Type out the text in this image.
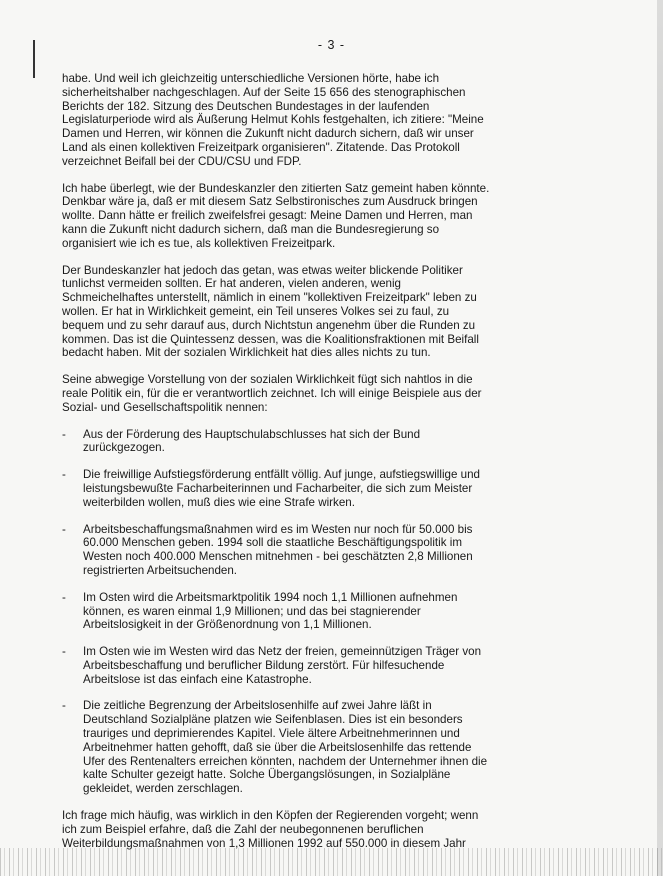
- 3 -

habe. Und weil ich gleichzeitig unterschiedliche Versionen hörte, habe ich sicherheitshalber nachgeschlagen. Auf der Seite 15 656 des stenographischen Berichts der 182. Sitzung des Deutschen Bundestages in der laufenden Legislaturperiode wird als Äußerung Helmut Kohls festgehalten, ich zitiere: "Meine Damen und Herren, wir können die Zukunft nicht dadurch sichern, daß wir unser Land als einen kollektiven Freizeitpark organisieren". Zitatende. Das Protokoll verzeichnet Beifall bei der CDU/CSU und FDP.

Ich habe überlegt, wie der Bundeskanzler den zitierten Satz gemeint haben könnte. Denkbar wäre ja, daß er mit diesem Satz Selbstironisches zum Ausdruck bringen wollte. Dann hätte er freilich zweifelsfrei gesagt: Meine Damen und Herren, man kann die Zukunft nicht dadurch sichern, daß man die Bundesregierung so organisiert wie ich es tue, als kollektiven Freizeitpark.

Der Bundeskanzler hat jedoch das getan, was etwas weiter blickende Politiker tunlichst vermeiden sollten. Er hat anderen, vielen anderen, wenig Schmeichelhaftes unterstellt, nämlich in einem "kollektiven Freizeitpark" leben zu wollen. Er hat in Wirklichkeit gemeint, ein Teil unseres Volkes sei zu faul, zu bequem und zu sehr darauf aus, durch Nichtstun angenehm über die Runden zu kommen. Das ist die Quintessenz dessen, was die Koalitionsfraktionen mit Beifall bedacht haben. Mit der sozialen Wirklichkeit hat dies alles nichts zu tun.

Seine abwegige Vorstellung von der sozialen Wirklichkeit fügt sich nahtlos in die reale Politik ein, für die er verantwortlich zeichnet. Ich will einige Beispiele aus der Sozial- und Gesellschaftspolitik nennen:

- Aus der Förderung des Hauptschulabschlusses hat sich der Bund zurückgezogen.
- Die freiwillige Aufstiegsförderung entfällt völlig. Auf junge, aufstiegswillige und leistungsbewußte Facharbeiterinnen und Facharbeiter, die sich zum Meister weiterbilden wollen, muß dies wie eine Strafe wirken.
- Arbeitsbeschaffungsmaßnahmen wird es im Westen nur noch für 50.000 bis 60.000 Menschen geben. 1994 soll die staatliche Beschäftigungspolitik im Westen noch 400.000 Menschen mitnehmen - bei geschätzten 2,8 Millionen registrierten Arbeitsuchenden.
- Im Osten wird die Arbeitsmarktpolitik 1994 noch 1,1 Millionen aufnehmen können, es waren einmal 1,9 Millionen; und das bei stagnierender Arbeitslosigkeit in der Größenordnung von 1,1 Millionen.
- Im Osten wie im Westen wird das Netz der freien, gemeinnützigen Träger von Arbeitsbeschaffung und beruflicher Bildung zerstört. Für hilfesuchende Arbeitslose ist das einfach eine Katastrophe.
- Die zeitliche Begrenzung der Arbeitslosenhilfe auf zwei Jahre läßt in Deutschland Sozialpläne platzen wie Seifenblasen. Dies ist ein besonders trauriges und deprimierendes Kapitel. Viele ältere Arbeitnehmerinnen und Arbeitnehmer hatten gehofft, daß sie über die Arbeitslosenhilfe das rettende Ufer des Rentenalters erreichen könnten, nachdem der Unternehmer ihnen die kalte Schulter gezeigt hatte. Solche Übergangslösungen, in Sozialpläne gekleidet, werden zerschlagen.

Ich frage mich häufig, was wirklich in den Köpfen der Regierenden vorgeht; wenn ich zum Beispiel erfahre, daß die Zahl der neubegonnenen beruflichen Weiterbildungsmaßnahmen von 1,3 Millionen 1992 auf 550.000 in diesem Jahr
